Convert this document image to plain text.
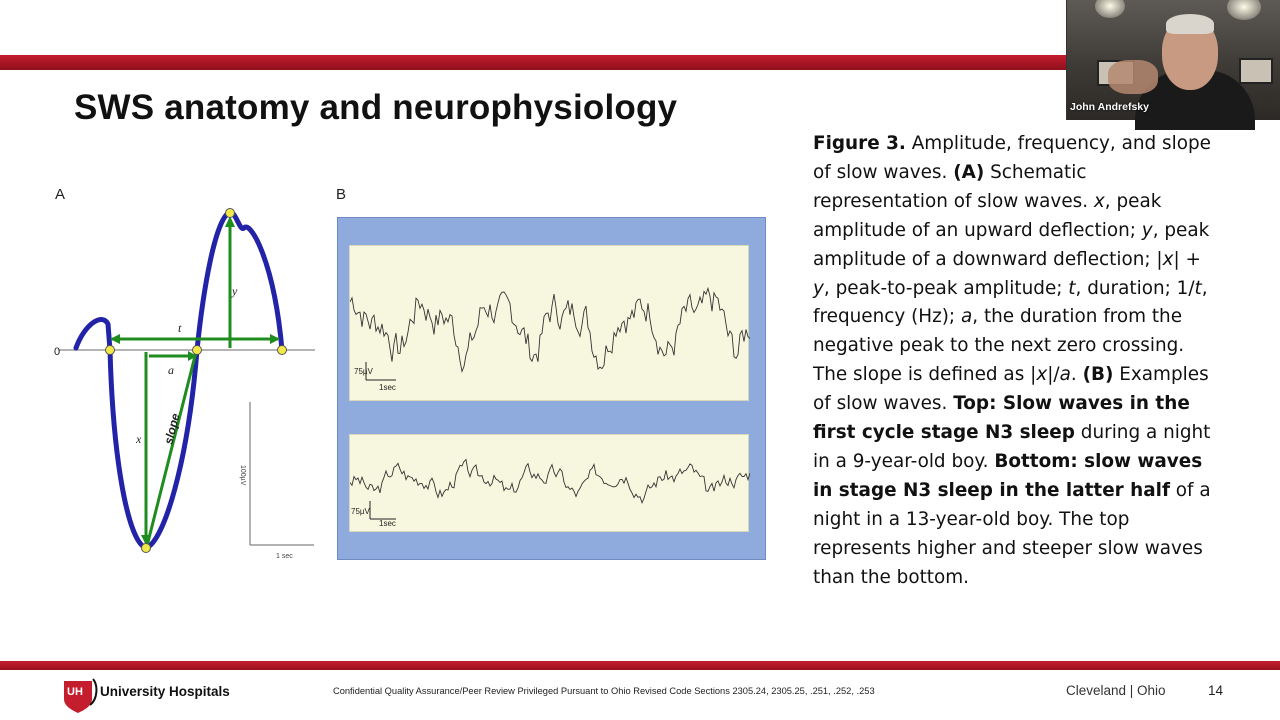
SWS anatomy and neurophysiology
A	B
0
t
a
x
y
slope
100µV
1 sec
75µV
1sec
75µV
1sec
Figure 3. Amplitude, frequency, and slope of slow waves. (A) Schematic representation of slow waves. x, peak amplitude of an upward deflection; y, peak amplitude of a downward deflection; |x| + y, peak-to-peak amplitude; t, duration; 1/t, frequency (Hz); a, the duration from the negative peak to the next zero crossing. The slope is defined as |x|/a. (B) Examples of slow waves. Top: Slow waves in the first cycle stage N3 sleep during a night in a 9-year-old boy. Bottom: slow waves in stage N3 sleep in the latter half of a night in a 13-year-old boy. The top represents higher and steeper slow waves than the bottom.
John Andrefsky
UH University Hospitals	Confidential Quality Assurance/Peer Review Privileged Pursuant to Ohio Revised Code Sections 2305.24, 2305.25, .251, .252, .253	Cleveland | Ohio	14
